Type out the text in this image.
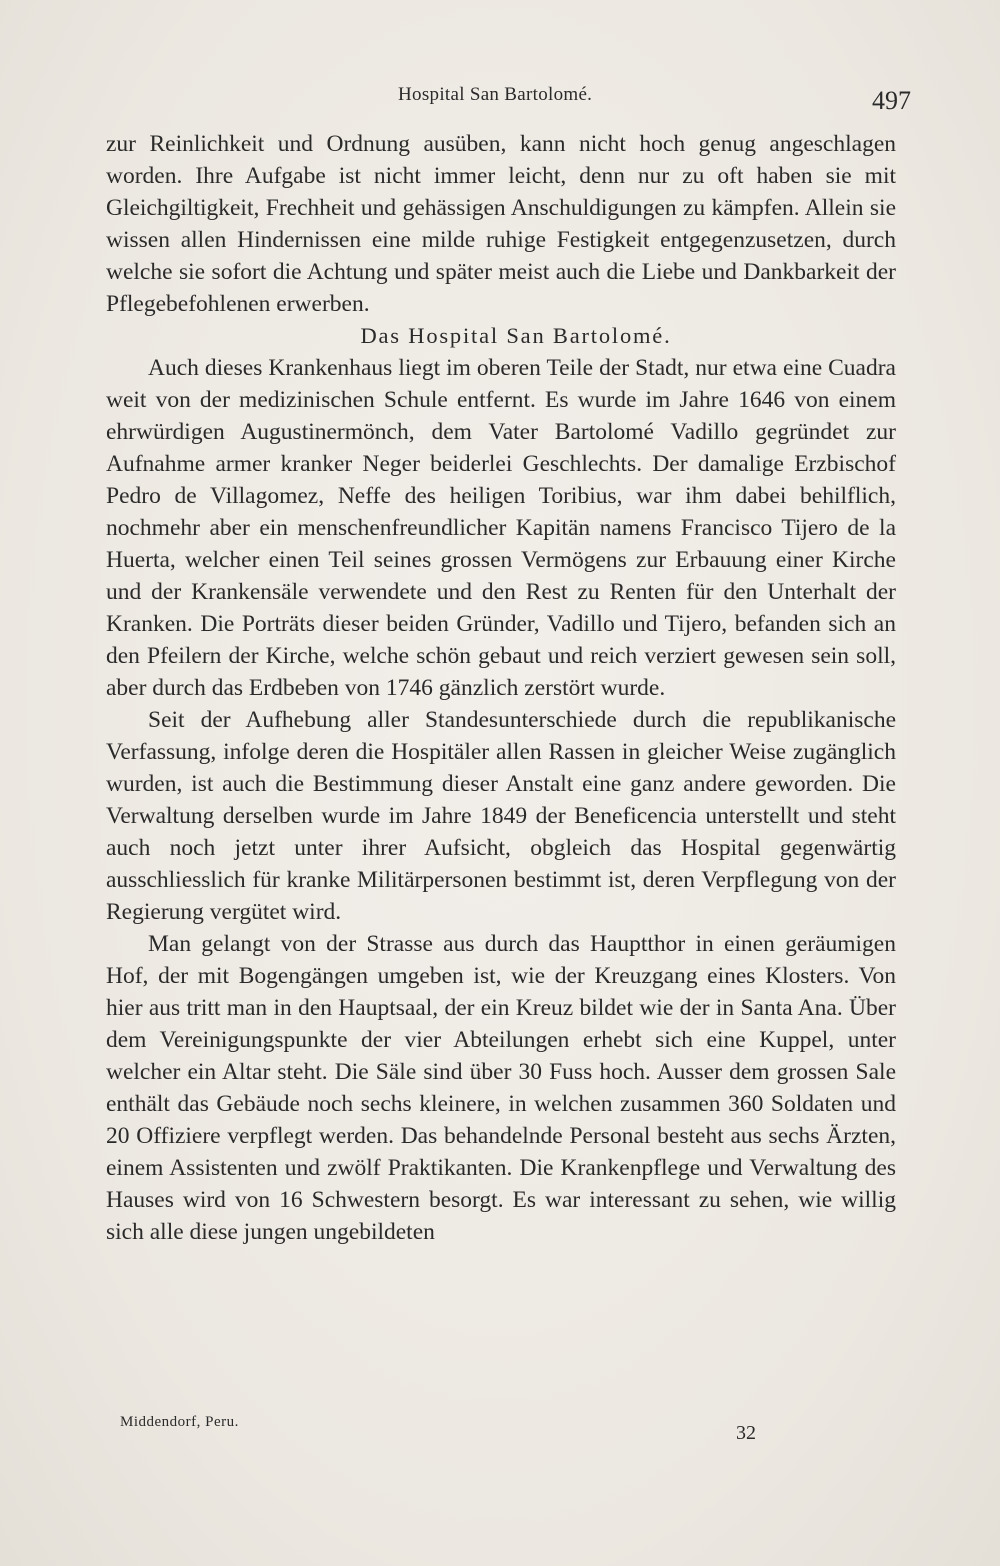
Hospital San Bartolomé.	497

zur Reinlichkeit und Ordnung ausüben, kann nicht hoch genug angeschlagen worden. Ihre Aufgabe ist nicht immer leicht, denn nur zu oft haben sie mit Gleichgiltigkeit, Frechheit und gehässigen Anschuldigungen zu kämpfen. Allein sie wissen allen Hindernissen eine milde ruhige Festigkeit entgegenzusetzen, durch welche sie sofort die Achtung und später meist auch die Liebe und Dankbarkeit der Pflegebefohlenen erwerben.

Das Hospital San Bartolomé.

Auch dieses Krankenhaus liegt im oberen Teile der Stadt, nur etwa eine Cuadra weit von der medizinischen Schule entfernt. Es wurde im Jahre 1646 von einem ehrwürdigen Augustinermönch, dem Vater Bartolomé Vadillo gegründet zur Aufnahme armer kranker Neger beiderlei Geschlechts. Der damalige Erzbischof Pedro de Villagomez, Neffe des heiligen Toribius, war ihm dabei behilflich, nochmehr aber ein menschenfreundlicher Kapitän namens Francisco Tijero de la Huerta, welcher einen Teil seines grossen Vermögens zur Erbauung einer Kirche und der Krankensäle verwendete und den Rest zu Renten für den Unterhalt der Kranken. Die Porträts dieser beiden Gründer, Vadillo und Tijero, befanden sich an den Pfeilern der Kirche, welche schön gebaut und reich verziert gewesen sein soll, aber durch das Erdbeben von 1746 gänzlich zerstört wurde.

Seit der Aufhebung aller Standesunterschiede durch die republikanische Verfassung, infolge deren die Hospitäler allen Rassen in gleicher Weise zugänglich wurden, ist auch die Bestimmung dieser Anstalt eine ganz andere geworden. Die Verwaltung derselben wurde im Jahre 1849 der Beneficencia unterstellt und steht auch noch jetzt unter ihrer Aufsicht, obgleich das Hospital gegenwärtig ausschliesslich für kranke Militärpersonen bestimmt ist, deren Verpflegung von der Regierung vergütet wird.

Man gelangt von der Strasse aus durch das Hauptthor in einen geräumigen Hof, der mit Bogengängen umgeben ist, wie der Kreuzgang eines Klosters. Von hier aus tritt man in den Hauptsaal, der ein Kreuz bildet wie der in Santa Ana. Über dem Vereinigungspunkte der vier Abteilungen erhebt sich eine Kuppel, unter welcher ein Altar steht. Die Säle sind über 30 Fuss hoch. Ausser dem grossen Sale enthält das Gebäude noch sechs kleinere, in welchen zusammen 360 Soldaten und 20 Offiziere verpflegt werden. Das behandelnde Personal besteht aus sechs Ärzten, einem Assistenten und zwölf Praktikanten. Die Krankenpflege und Verwaltung des Hauses wird von 16 Schwestern besorgt. Es war interessant zu sehen, wie willig sich alle diese jungen ungebildeten

Middendorf, Peru.	32
